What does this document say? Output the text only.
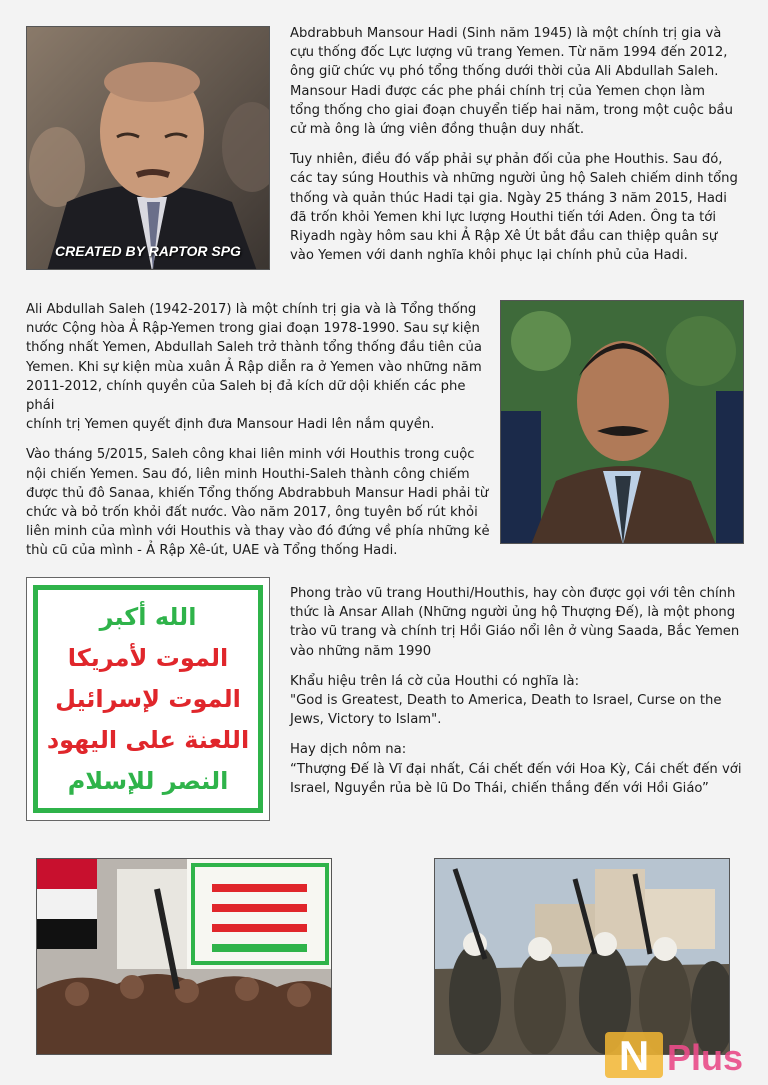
CREATED BY RAPTOR SPG

Abdrabbuh Mansour Hadi (Sinh năm 1945) là một chính trị gia và
cựu thống đốc Lực lượng vũ trang Yemen. Từ năm 1994 đến 2012,
ông giữ chức vụ phó tổng thống dưới thời của Ali Abdullah Saleh.
Mansour Hadi được các phe phái chính trị của Yemen chọn làm
tổng thống cho giai đoạn chuyển tiếp hai năm, trong một cuộc bầu
cử mà ông là ứng viên đồng thuận duy nhất.

Tuy nhiên, điều đó vấp phải sự phản đối của phe Houthis. Sau đó,
các tay súng Houthis và những người ủng hộ Saleh chiếm dinh tổng
thống và quản thúc Hadi tại gia. Ngày 25 tháng 3 năm 2015, Hadi
đã trốn khỏi Yemen khi lực lượng Houthi tiến tới Aden. Ông ta tới
Riyadh ngày hôm sau khi Ả Rập Xê Út bắt đầu can thiệp quân sự
vào Yemen với danh nghĩa khôi phục lại chính phủ của Hadi.

Ali Abdullah Saleh (1942-2017) là một chính trị gia và là Tổng thống
nước Cộng hòa Ả Rập-Yemen trong giai đoạn 1978-1990. Sau sự kiện
thống nhất Yemen, Abdullah Saleh trở thành tổng thống đầu tiên của
Yemen. Khi sự kiện mùa xuân Ả Rập diễn ra ở Yemen vào những năm
2011-2012, chính quyền của Saleh bị đả kích dữ dội khiến các phe phái
chính trị Yemen quyết định đưa Mansour Hadi lên nắm quyền.

Vào tháng 5/2015, Saleh công khai liên minh với Houthis trong cuộc
nội chiến Yemen. Sau đó, liên minh Houthi-Saleh thành công chiếm
được thủ đô Sanaa, khiến Tổng thống Abdrabbuh Mansur Hadi phải từ
chức và bỏ trốn khỏi đất nước. Vào năm 2017, ông tuyên bố rút khỏi
liên minh của mình với Houthis và thay vào đó đứng về phía những kẻ
thù cũ của mình - Ả Rập Xê-út, UAE và Tổng thống Hadi.

الله أكبر
الموت لأمريكا
الموت لإسرائيل
اللعنة على اليهود
النصر للإسلام

Phong trào vũ trang Houthi/Houthis, hay còn được gọi với tên chính
thức là Ansar Allah (Những người ủng hộ Thượng Đế), là một phong
trào vũ trang và chính trị Hồi Giáo nổi lên ở vùng Saada, Bắc Yemen
vào những năm 1990

Khẩu hiệu trên lá cờ của Houthi có nghĩa là:
"God is Greatest, Death to America, Death to Israel, Curse on the
Jews, Victory to Islam".

Hay dịch nôm na:
“Thượng Đế là Vĩ đại nhất, Cái chết đến với Hoa Kỳ, Cái chết đến với
Israel, Nguyền rủa bè lũ Do Thái, chiến thắng đến với Hồi Giáo”

N Plus
